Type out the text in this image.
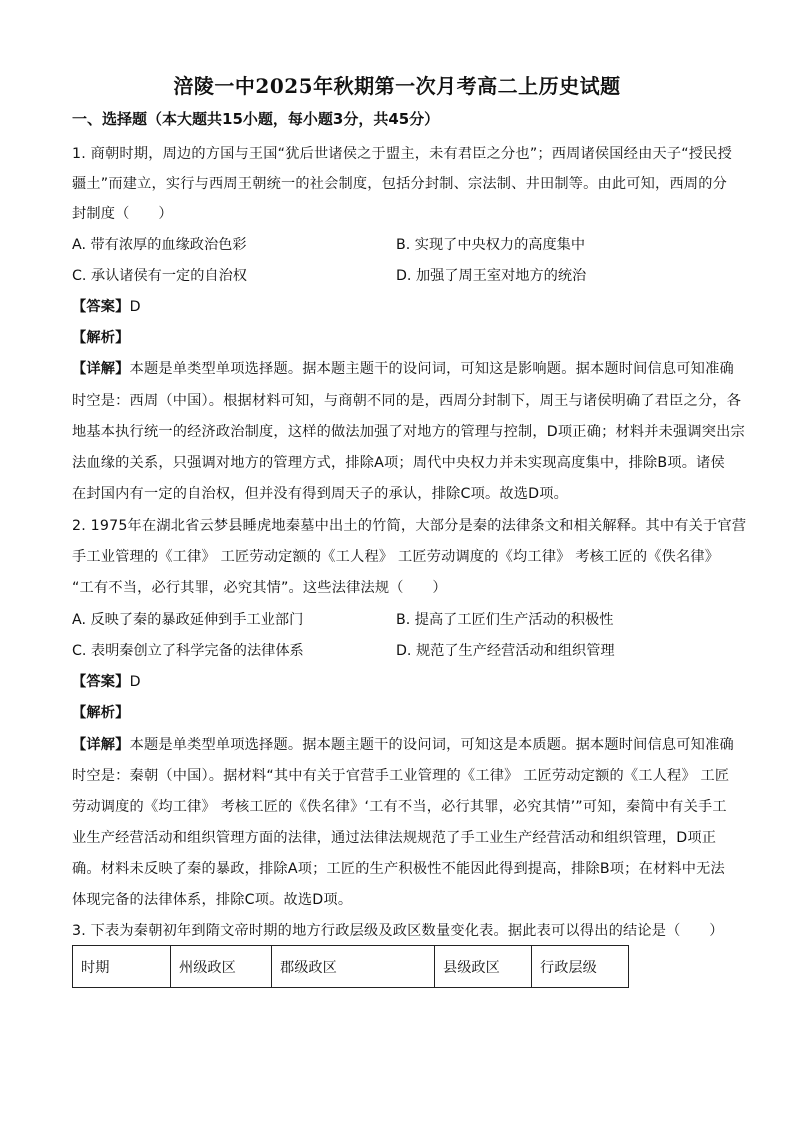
涪陵一中2025年秋期第一次月考高二上历史试题
一、选择题（本大题共15小题，每小题3分，共45分）
1. 商朝时期，周边的方国与王国“犹后世诸侯之于盟主，未有君臣之分也”；西周诸侯国经由天子“授民授
疆土”而建立，实行与西周王朝统一的社会制度，包括分封制、宗法制、井田制等。由此可知，西周的分
封制度（　　）
A. 带有浓厚的血缘政治色彩	B. 实现了中央权力的高度集中
C. 承认诸侯有一定的自治权	D. 加强了周王室对地方的统治
【答案】D
【解析】
【详解】本题是单类型单项选择题。据本题主题干的设问词，可知这是影响题。据本题时间信息可知准确
时空是：西周（中国）。根据材料可知，与商朝不同的是，西周分封制下，周王与诸侯明确了君臣之分，各
地基本执行统一的经济政治制度，这样的做法加强了对地方的管理与控制，D项正确；材料并未强调突出宗
法血缘的关系，只强调对地方的管理方式，排除A项；周代中央权力并未实现高度集中，排除B项。诸侯
在封国内有一定的自治权，但并没有得到周天子的承认，排除C项。故选D项。
2. 1975年在湖北省云梦县睡虎地秦墓中出土的竹简，大部分是秦的法律条文和相关解释。其中有关于官营
手工业管理的《工律》 工匠劳动定额的《工人程》 工匠劳动调度的《均工律》 考核工匠的《佚名律》
“工有不当，必行其罪，必究其情”。这些法律法规（　　）
A. 反映了秦的暴政延伸到手工业部门	B. 提高了工匠们生产活动的积极性
C. 表明秦创立了科学完备的法律体系	D. 规范了生产经营活动和组织管理
【答案】D
【解析】
【详解】本题是单类型单项选择题。据本题主题干的设问词，可知这是本质题。据本题时间信息可知准确
时空是：秦朝（中国）。据材料“其中有关于官营手工业管理的《工律》 工匠劳动定额的《工人程》 工匠
劳动调度的《均工律》 考核工匠的《佚名律》‘工有不当，必行其罪，必究其情’”可知，秦简中有关手工
业生产经营活动和组织管理方面的法律，通过法律法规规范了手工业生产经营活动和组织管理，D项正
确。材料未反映了秦的暴政，排除A项；工匠的生产积极性不能因此得到提高，排除B项；在材料中无法
体现完备的法律体系，排除C项。故选D项。
3. 下表为秦朝初年到隋文帝时期的地方行政层级及政区数量变化表。据此表可以得出的结论是（　　）
时期	州级政区	郡级政区	县级政区	行政层级
